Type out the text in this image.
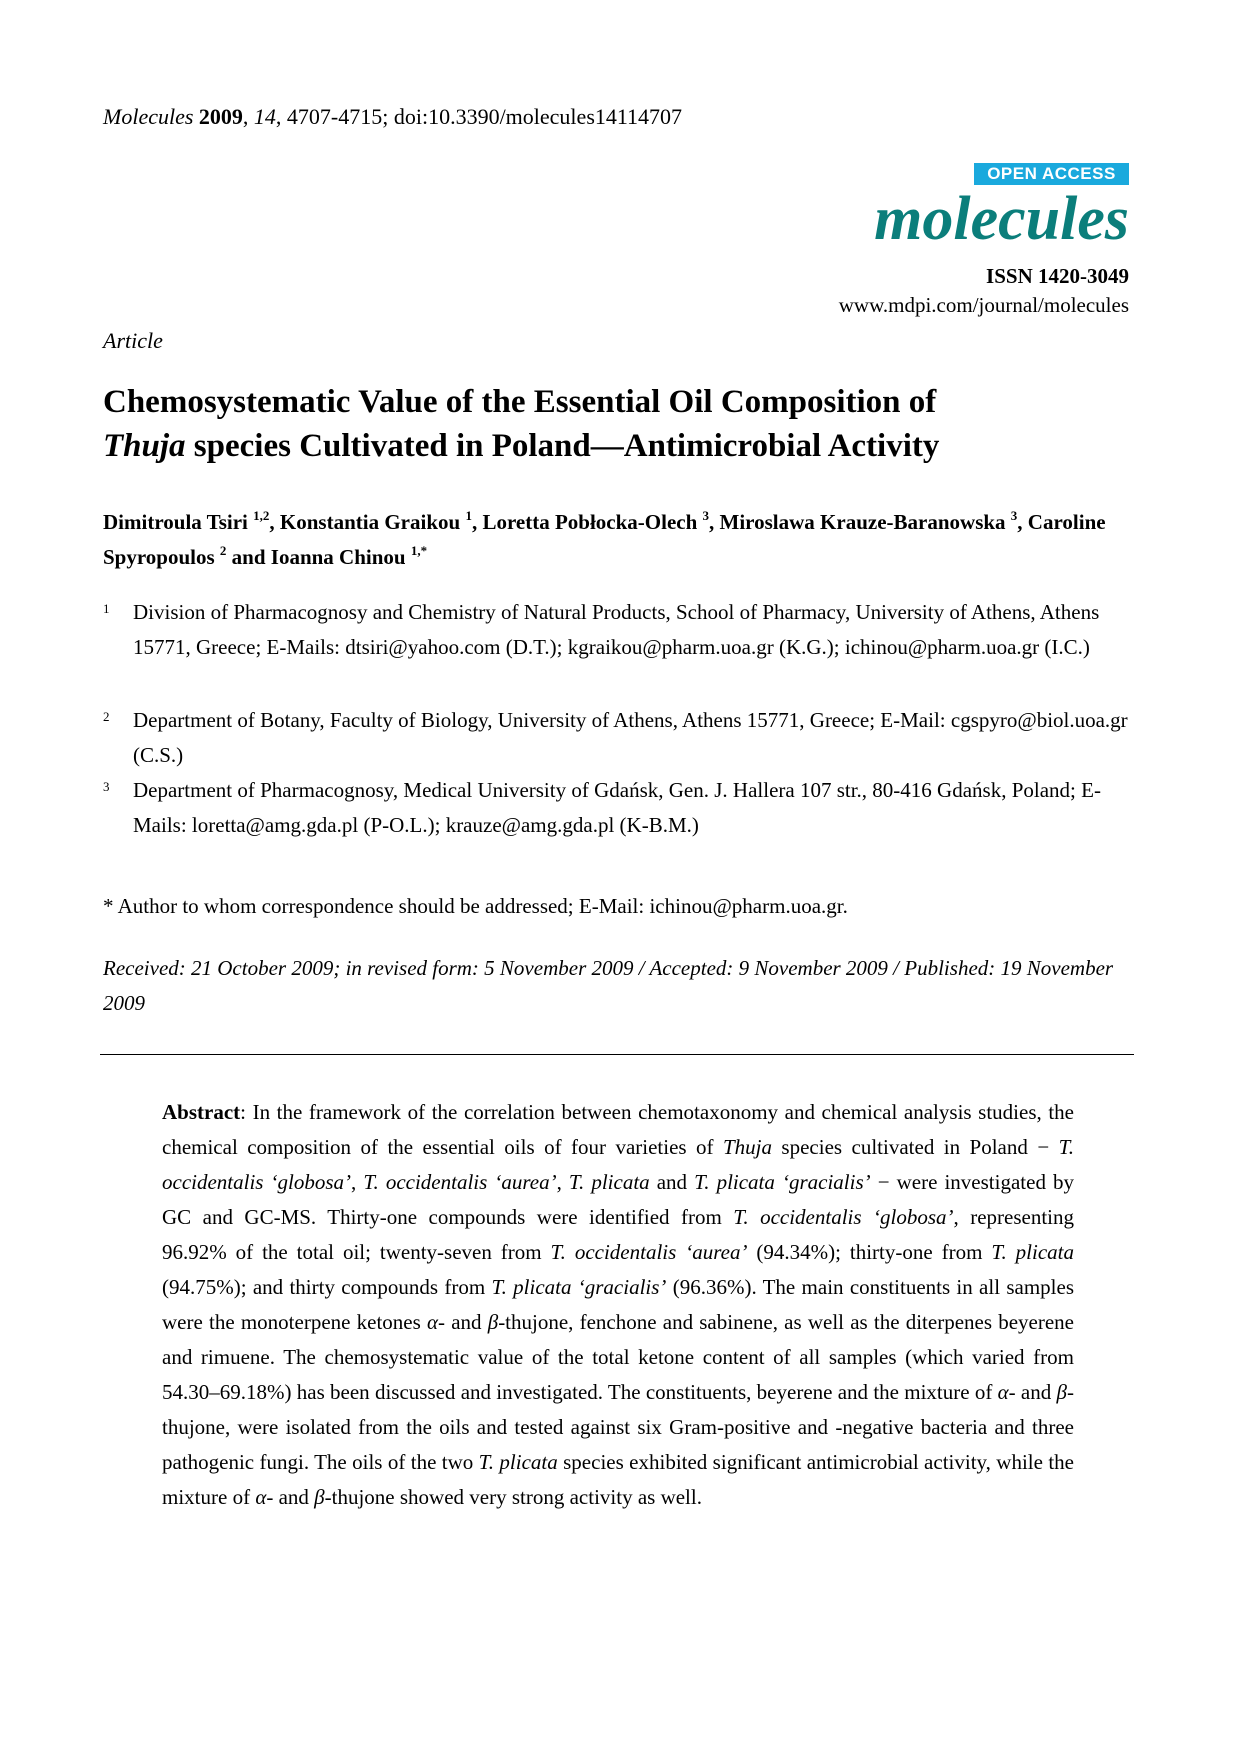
Molecules 2009, 14, 4707-4715; doi:10.3390/molecules14114707
OPEN ACCESS
molecules
ISSN 1420-3049
www.mdpi.com/journal/molecules
Article
Chemosystematic Value of the Essential Oil Composition of
Thuja species Cultivated in Poland—Antimicrobial Activity
Dimitroula Tsiri $^{1,2}$, Konstantia Graikou $^1$, Loretta Pobłocka-Olech $^3$, Miroslawa Krauze-Baranowska $^3$, Caroline Spyropoulos $^2$ and Ioanna Chinou $^{1,*}$
1 Division of Pharmacognosy and Chemistry of Natural Products, School of Pharmacy, University of Athens, Athens 15771, Greece; E-Mails: dtsiri@yahoo.com (D.T.); kgraikou@pharm.uoa.gr (K.G.); ichinou@pharm.uoa.gr (I.C.)
2 Department of Botany, Faculty of Biology, University of Athens, Athens 15771, Greece; E-Mail: cgspyro@biol.uoa.gr (C.S.)
3 Department of Pharmacognosy, Medical University of Gdańsk, Gen. J. Hallera 107 str., 80-416 Gdańsk, Poland; E-Mails: loretta@amg.gda.pl (P-O.L.); krauze@amg.gda.pl (K-B.M.)
* Author to whom correspondence should be addressed; E-Mail: ichinou@pharm.uoa.gr.
Received: 21 October 2009; in revised form: 5 November 2009 / Accepted: 9 November 2009 / Published: 19 November 2009
Abstract: In the framework of the correlation between chemotaxonomy and chemical analysis studies, the chemical composition of the essential oils of four varieties of Thuja species cultivated in Poland − T. occidentalis ‘globosa’, T. occidentalis ‘aurea’, T. plicata and T. plicata ‘gracialis’ − were investigated by GC and GC-MS. Thirty-one compounds were identified from T. occidentalis ‘globosa’, representing 96.92% of the total oil; twenty-seven from T. occidentalis ‘aurea’ (94.34%); thirty-one from T. plicata (94.75%); and thirty compounds from T. plicata ‘gracialis’ (96.36%). The main constituents in all samples were the monoterpene ketones α- and β-thujone, fenchone and sabinene, as well as the diterpenes beyerene and rimuene. The chemosystematic value of the total ketone content of all samples (which varied from 54.30–69.18%) has been discussed and investigated. The constituents, beyerene and the mixture of α- and β-thujone, were isolated from the oils and tested against six Gram-positive and -negative bacteria and three pathogenic fungi. The oils of the two T. plicata species exhibited significant antimicrobial activity, while the mixture of α- and β-thujone showed very strong activity as well.
